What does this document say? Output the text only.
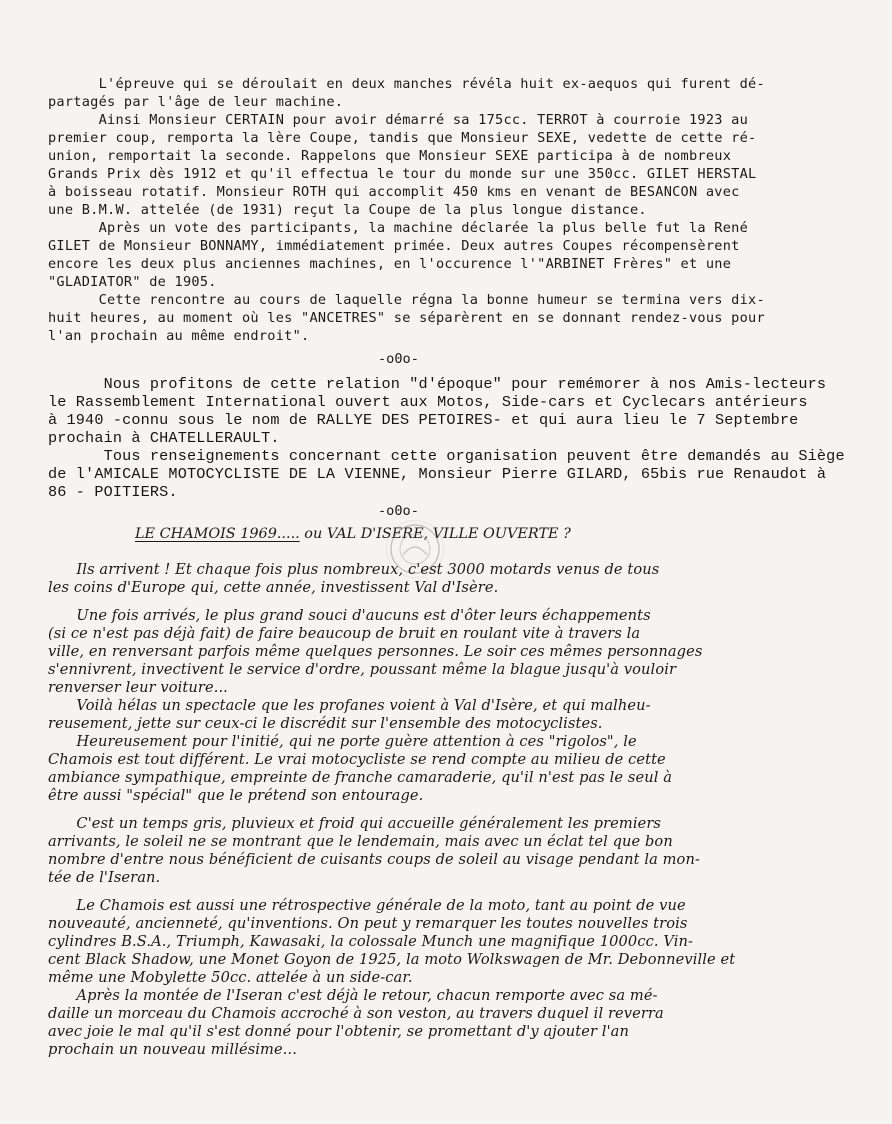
L'épreuve qui se déroulait en deux manches révéla huit ex-aequos qui furent dé-
partagés par l'âge de leur machine.
Ainsi Monsieur CERTAIN pour avoir démarré sa 175cc. TERROT à courroie 1923 au
premier coup, remporta la lère Coupe, tandis que Monsieur SEXE, vedette de cette ré-
union, remportait la seconde. Rappelons que Monsieur SEXE participa à de nombreux
Grands Prix dès 1912 et qu'il effectua le tour du monde sur une 350cc. GILET HERSTAL
à boisseau rotatif. Monsieur ROTH qui accomplit 450 kms en venant de BESANCON avec
une B.M.W. attelée (de 1931) reçut la Coupe de la plus longue distance.
Après un vote des participants, la machine déclarée la plus belle fut la René
GILET de Monsieur BONNAMY, immédiatement primée. Deux autres Coupes récompensèrent
encore les deux plus anciennes machines, en l'occurence l'"ARBINET Frères" et une
"GLADIATOR" de 1905.
Cette rencontre au cours de laquelle régna la bonne humeur se termina vers dix-
huit heures, au moment où les "ANCETRES" se séparèrent en se donnant rendez-vous pour
l'an prochain au même endroit".
-o0o-
Nous profitons de cette relation "d'époque" pour remémorer à nos Amis-lecteurs
le Rassemblement International ouvert aux Motos, Side-cars et Cyclecars antérieurs
à 1940 -connu sous le nom de RALLYE DES PETOIRES- et qui aura lieu le 7 Septembre
prochain à CHATELLERAULT.
Tous renseignements concernant cette organisation peuvent être demandés au Siège
de l'AMICALE MOTOCYCLISTE DE LA VIENNE, Monsieur Pierre GILARD, 65bis rue Renaudot à
86 - POITIERS.
-o0o-
LE CHAMOIS 1969..... ou VAL D'ISERE, VILLE OUVERTE ?
Ils arrivent ! Et chaque fois plus nombreux, c'est 3000 motards venus de tous
les coins d'Europe qui, cette année, investissent Val d'Isère.
Une fois arrivés, le plus grand souci d'aucuns est d'ôter leurs échappements
(si ce n'est pas déjà fait) de faire beaucoup de bruit en roulant vite à travers la
ville, en renversant parfois même quelques personnes. Le soir ces mêmes personnages
s'ennivrent, invectivent le service d'ordre, poussant même la blague jusqu'à vouloir
renverser leur voiture...
Voilà hélas un spectacle que les profanes voient à Val d'Isère, et qui malheu-
reusement, jette sur ceux-ci le discrédit sur l'ensemble des motocyclistes.
Heureusement pour l'initié, qui ne porte guère attention à ces "rigolos", le
Chamois est tout différent. Le vrai motocycliste se rend compte au milieu de cette
ambiance sympathique, empreinte de franche camaraderie, qu'il n'est pas le seul à
être aussi "spécial" que le prétend son entourage.
C'est un temps gris, pluvieux et froid qui accueille généralement les premiers
arrivants, le soleil ne se montrant que le lendemain, mais avec un éclat tel que bon
nombre d'entre nous bénéficient de cuisants coups de soleil au visage pendant la mon-
tée de l'Iseran.
Le Chamois est aussi une rétrospective générale de la moto, tant au point de vue
nouveauté, ancienneté, qu'inventions. On peut y remarquer les toutes nouvelles trois
cylindres B.S.A., Triumph, Kawasaki, la colossale Munch une magnifique 1000cc. Vin-
cent Black Shadow, une Monet Goyon de 1925, la moto Wolkswagen de Mr. Debonneville et
même une Mobylette 50cc. attelée à un side-car.
Après la montée de l'Iseran c'est déjà le retour, chacun remporte avec sa mé-
daille un morceau du Chamois accroché à son veston, au travers duquel il reverra
avec joie le mal qu'il s'est donné pour l'obtenir, se promettant d'y ajouter l'an
prochain un nouveau millésime...
